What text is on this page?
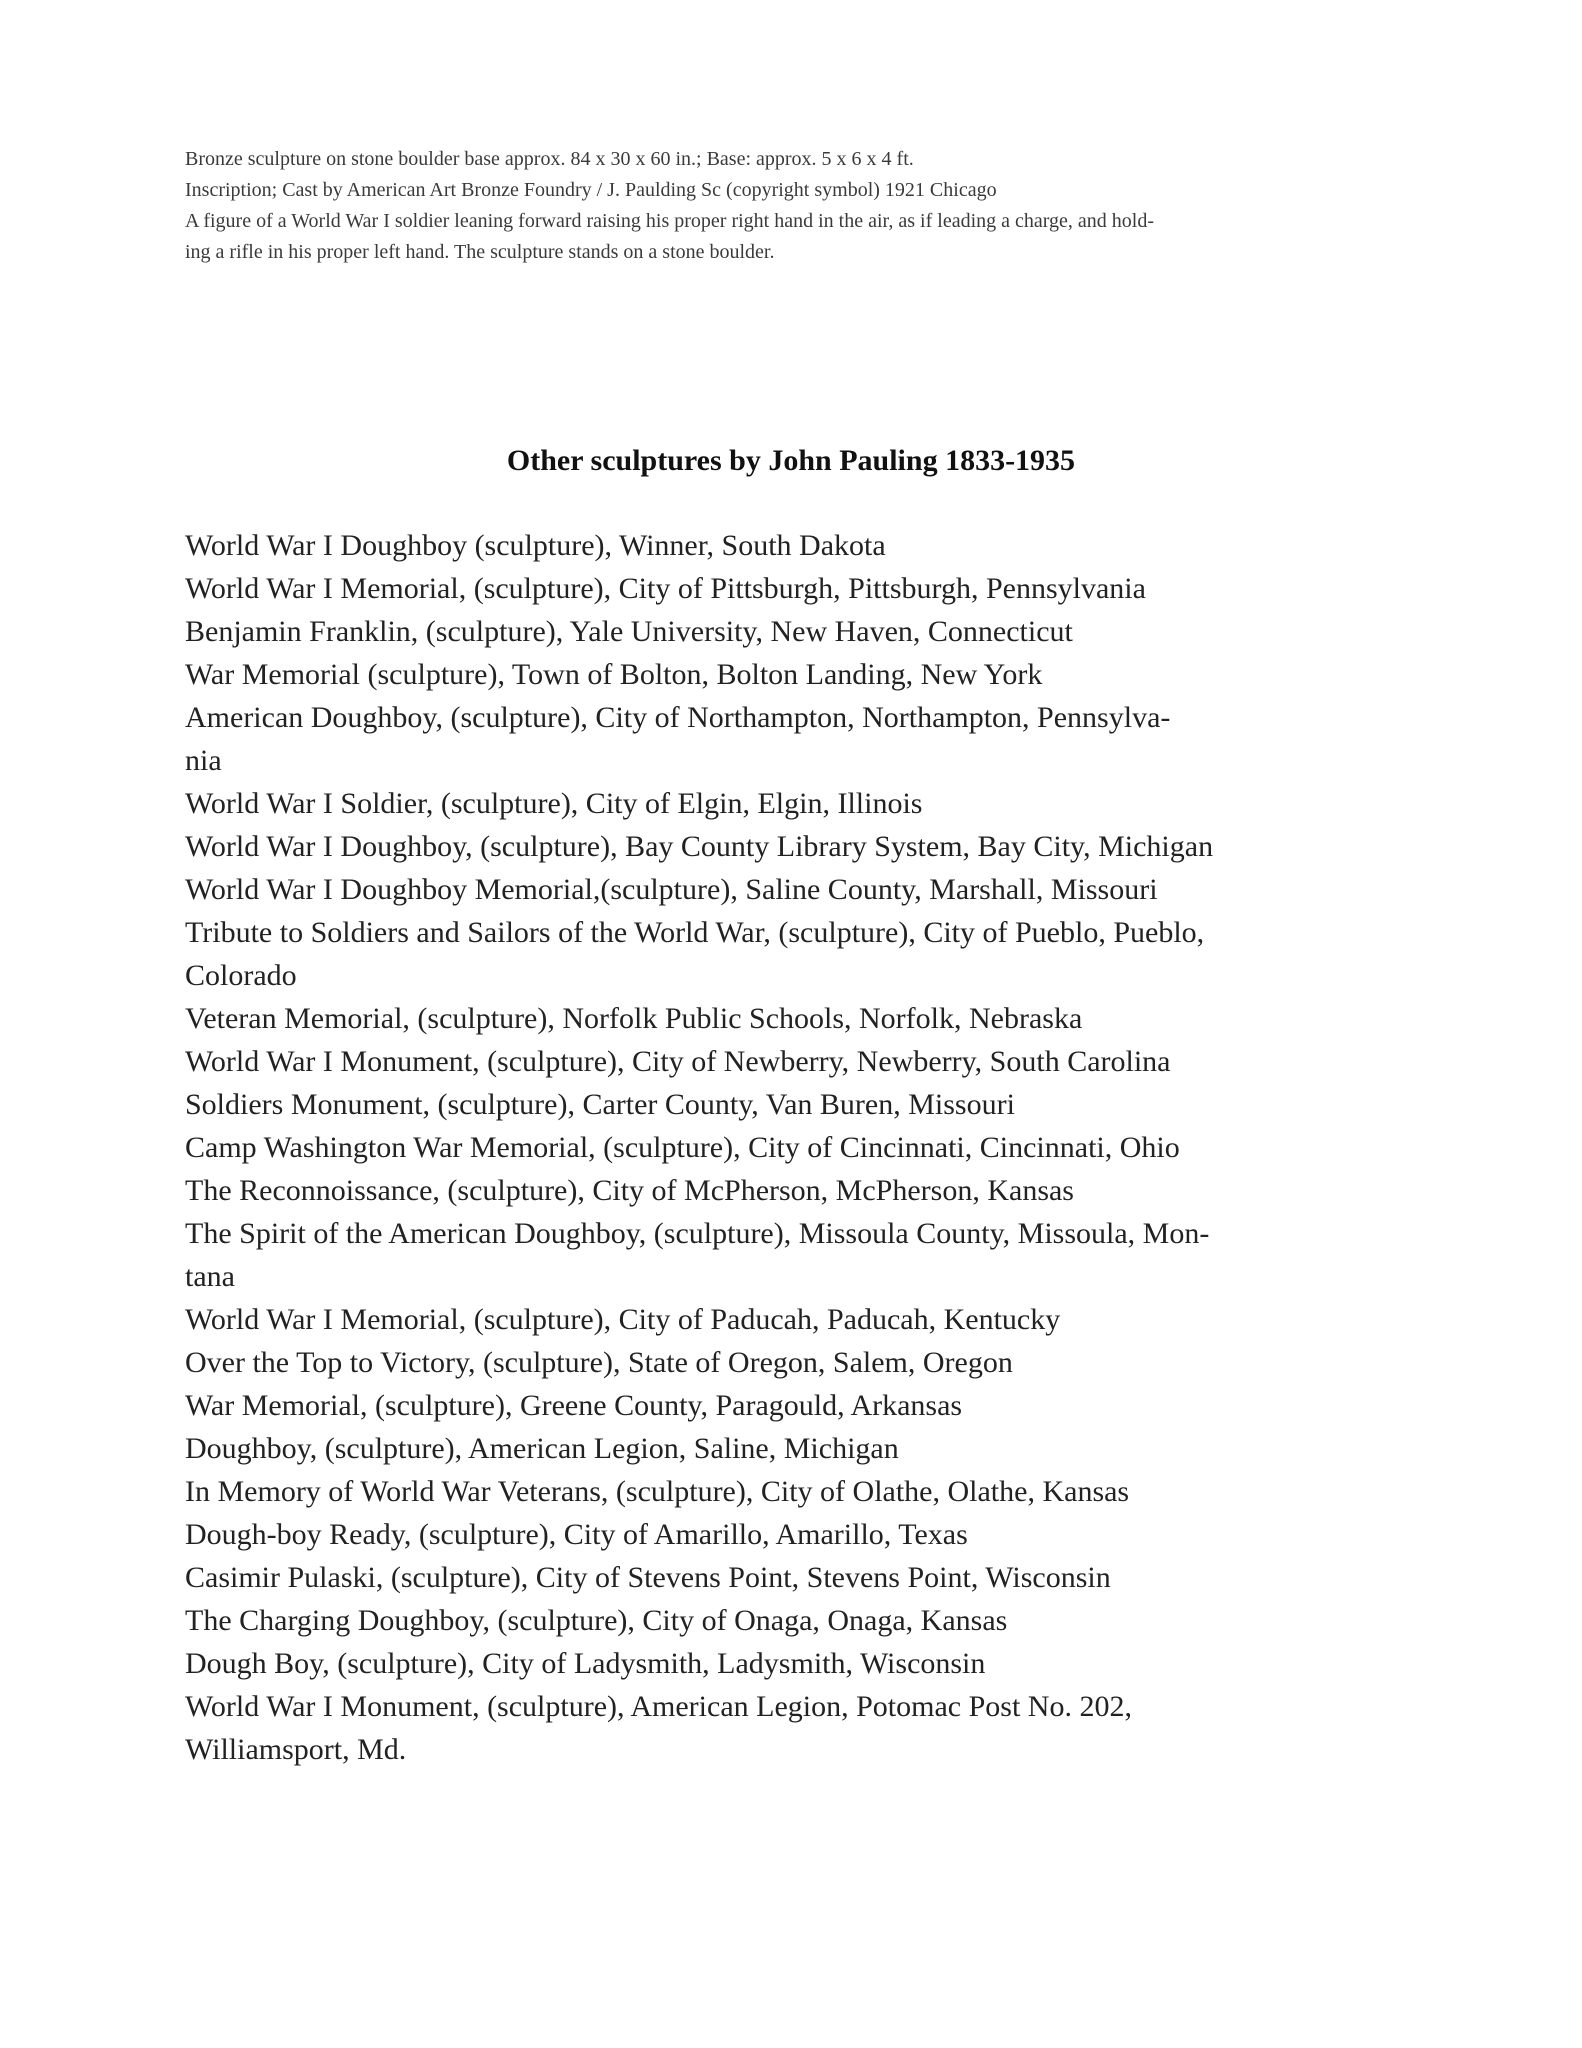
Bronze sculpture on stone boulder base approx. 84 x 30 x 60 in.; Base: approx. 5 x 6 x 4 ft.

Inscription; Cast by American Art Bronze Foundry / J. Paulding Sc (copyright symbol) 1921 Chicago

A figure of a World War I soldier leaning forward raising his proper right hand in the air, as if leading a charge, and hold-

ing a rifle in his proper left hand. The sculpture stands on a stone boulder.

Other sculptures by John Pauling 1833-1935
World War I Doughboy (sculpture), Winner, South Dakota
World War I Memorial, (sculpture), City of Pittsburgh, Pittsburgh, Pennsylvania
Benjamin Franklin, (sculpture), Yale University, New Haven, Connecticut
War Memorial (sculpture), Town of Bolton, Bolton Landing, New York
American Doughboy, (sculpture), City of Northampton, Northampton, Pennsylva-
nia
World War I Soldier, (sculpture), City of Elgin, Elgin, Illinois
World War I Doughboy, (sculpture), Bay County Library System, Bay City, Michigan
World War I Doughboy Memorial,(sculpture), Saline County, Marshall, Missouri
Tribute to Soldiers and Sailors of the World War, (sculpture), City of Pueblo, Pueblo,
Colorado
Veteran Memorial, (sculpture), Norfolk Public Schools, Norfolk, Nebraska
World War I Monument, (sculpture), City of Newberry, Newberry, South Carolina
Soldiers Monument, (sculpture), Carter County, Van Buren, Missouri
Camp Washington War Memorial, (sculpture), City of Cincinnati, Cincinnati, Ohio
The Reconnoissance, (sculpture), City of McPherson, McPherson, Kansas
The Spirit of the American Doughboy, (sculpture), Missoula County, Missoula, Mon-
tana
World War I Memorial, (sculpture), City of Paducah, Paducah, Kentucky
Over the Top to Victory, (sculpture), State of Oregon, Salem, Oregon
War Memorial, (sculpture), Greene County, Paragould, Arkansas
Doughboy, (sculpture), American Legion, Saline, Michigan
In Memory of World War Veterans, (sculpture), City of Olathe, Olathe, Kansas
Dough-boy Ready, (sculpture), City of Amarillo, Amarillo, Texas
Casimir Pulaski, (sculpture), City of Stevens Point, Stevens Point, Wisconsin
The Charging Doughboy, (sculpture), City of Onaga, Onaga, Kansas
Dough Boy, (sculpture), City of Ladysmith, Ladysmith, Wisconsin
World War I Monument, (sculpture), American Legion, Potomac Post No. 202,
Williamsport, Md.
